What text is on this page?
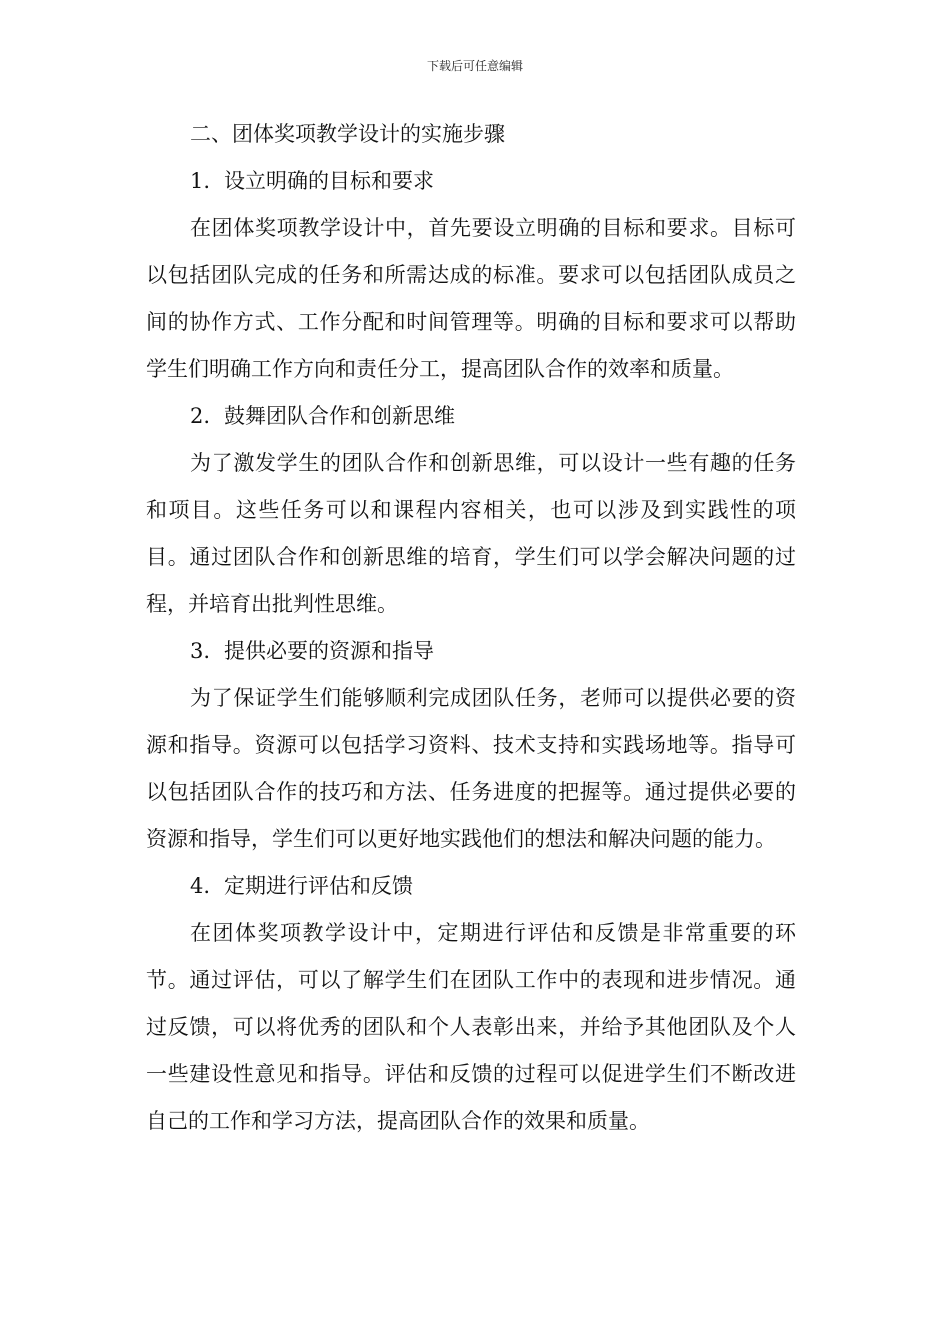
下载后可任意编辑
二、团体奖项教学设计的实施步骤
1. 设立明确的目标和要求

在团体奖项教学设计中，首先要设立明确的目标和要求。目标可以包括团队完成的任务和所需达成的标准。要求可以包括团队成员之间的协作方式、工作分配和时间管理等。明确的目标和要求可以帮助学生们明确工作方向和责任分工，提高团队合作的效率和质量。

2. 鼓舞团队合作和创新思维

为了激发学生的团队合作和创新思维，可以设计一些有趣的任务和项目。这些任务可以和课程内容相关，也可以涉及到实践性的项目。通过团队合作和创新思维的培育，学生们可以学会解决问题的过程，并培育出批判性思维。

3. 提供必要的资源和指导

为了保证学生们能够顺利完成团队任务，老师可以提供必要的资源和指导。资源可以包括学习资料、技术支持和实践场地等。指导可以包括团队合作的技巧和方法、任务进度的把握等。通过提供必要的资源和指导，学生们可以更好地实践他们的想法和解决问题的能力。

4. 定期进行评估和反馈

在团体奖项教学设计中，定期进行评估和反馈是非常重要的环节。通过评估，可以了解学生们在团队工作中的表现和进步情况。通过反馈，可以将优秀的团队和个人表彰出来，并给予其他团队及个人一些建设性意见和指导。评估和反馈的过程可以促进学生们不断改进自己的工作和学习方法，提高团队合作的效果和质量。
